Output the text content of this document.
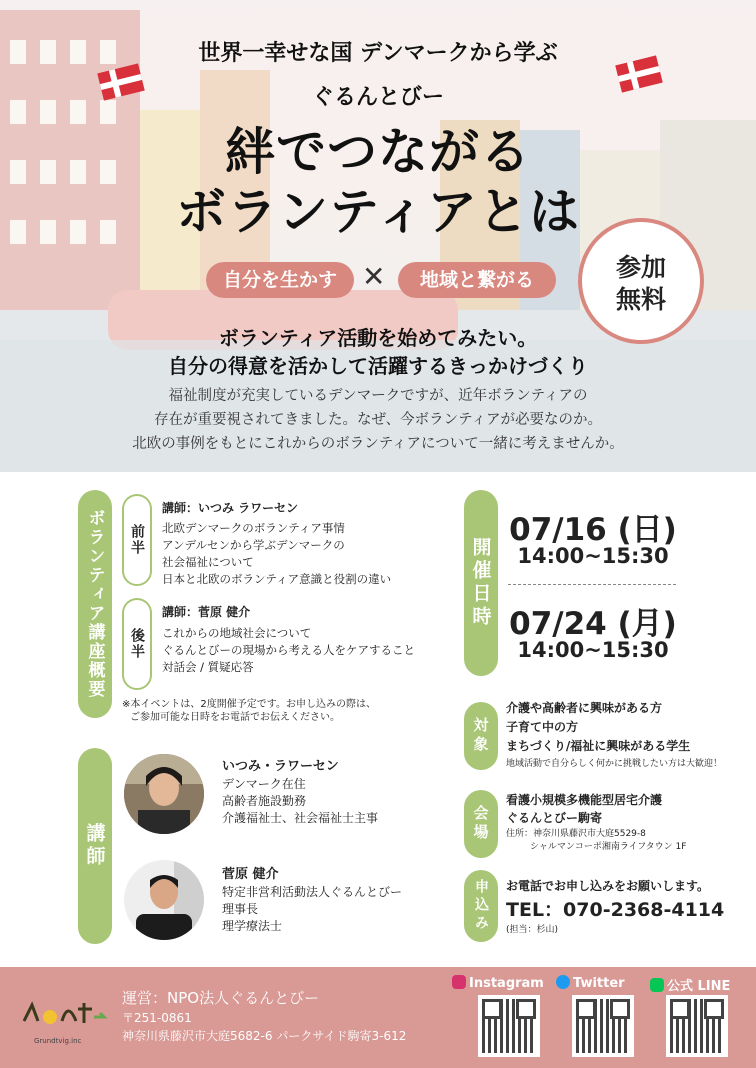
世界一幸せな国 デンマークから学ぶ
ぐるんとびー
絆でつながる
ボランティアとは
自分を生かす ✕	地域と繋がる	参加
無料
ボランティア活動を始めてみたい。
自分の得意を活かして活躍するきっかけづくり
福祉制度が充実しているデンマークですが、近年ボランティアの
存在が重要視されてきました。なぜ、今ボランティアが必要なのか。
北欧の事例をもとにこれからのボランティアについて一緒に考えませんか。
ボランティア講座概要	前半
講師：いつみ ラワーセン
北欧デンマークのボランティア事情
アンデルセンから学ぶデンマークの
社会福祉について
日本と北欧のボランティア意識と役割の違い
後半
講師：菅原 健介
これからの地域社会について
ぐるんとびーの現場から考える人をケアすること
対話会 / 質疑応答
※本イベントは、2度開催予定です。お申し込みの際は、
ご参加可能な日時をお電話でお伝えください。
開催日時
07/16 (日)
14:00~15:30
07/24 (月)
14:00~15:30
対象
介護や高齢者に興味がある方
子育て中の方
まちづくり/福祉に興味がある学生
地域活動で自分らしく何かに挑戦したい方は大歓迎！
会場
看護小規模多機能型居宅介護
ぐるんとびー駒寄
住所：神奈川県藤沢市大庭5529-8
シャルマンコーポ湘南ライフタウン 1F
申込み	お電話でお申し込みをお願いします。
TEL：070-2368-4114
(担当：杉山)
講師
いつみ・ラワーセン
デンマーク在住
高齢者施設勤務
介護福祉士、社会福祉士主事
菅原 健介
特定非営利活動法人ぐるんとびー
理事長
理学療法士
Grundtvig.inc
運営：NPO法人ぐるんとびー
〒251-0861
神奈川県藤沢市大庭5682-6 パークサイド駒寄3-612
Instagram	Twitter	公式 LINE
